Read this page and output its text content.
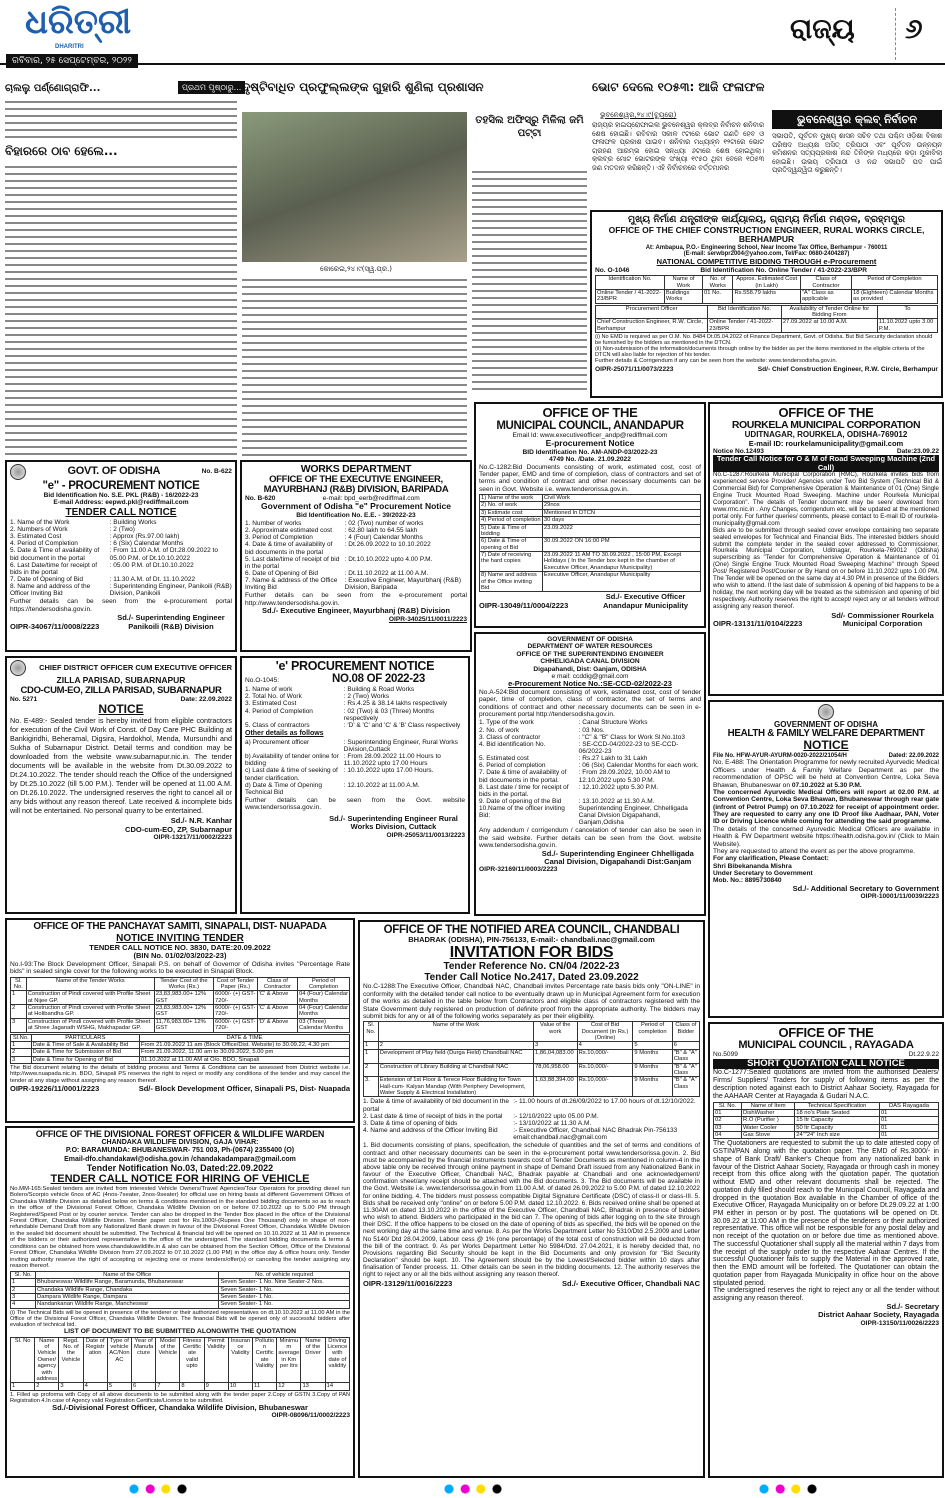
ଧରିତ୍ରୀ
DHARITRI
ରବିବାର, ୨୫ ସେପ୍ଟେମ୍ବର, ୨୦୨୨
ରାଜ୍ୟ ୬
ଚାଲଲୁ ପର୍ଣ୍ଣୋଗ୍ରାଫି...	ପ୍ରଥମ ପୃଷ୍ଠାରୁ...
ବିହାରରେ ଠାବ ହେଲେ...
ଦୃଷ୍ଟିବାଧିତ ପ୍ରଫୁଲ୍ଲଙ୍କ ଗୁହାରି ଶୁଣିଲା ପ୍ରଶାସନ	ଭୋଟ ଦେଲେ ୧୦୫୩: ଆଜି ଫଳାଫଳ
ତହସିଲ ଅଫିସ୍‌ରୁ ମିଳିଲା ଜମି ପଟ୍ଟା
କୋରେଇ,୨୪।୯(ସ୍ୱ.ପ୍ର.)
ଭୁବନେଶ୍ୱର,୨୪।୯(ବ୍ୟୁରୋ)
ରାଜ୍ୟର ହାଇପ୍ରୋଫାଇଲ ଭୁବନେଶ୍ୱର କ୍ଲବ୍‌ର ନିର୍ବାଚନ ଶନିବାର ଶେଷ ହୋଇଛି। ରବିବାର ସକାଳ ୯ଟାରେ ଭୋଟ ଗଣତି ହେବ ଓ ଫଳାଫଳ ପ୍ରକାଶ ପାଇବ। ଶନିବାର ମଧ୍ୟାହ୍ନ ୧୨ଟାରେ ଭୋଟ ଗ୍ରହଣ ଆରମ୍ଭ ହୋଇ ସନ୍ଧ୍ୟା ୬ଟାରେ ଶେଷ ହୋଇଥିଲା। କ୍ଲବ୍‌ର ମୋଟ ଭୋଟରଙ୍କ ସଂଖ୍ୟା ୧୯୫୦ ଥିବା ବେଳେ ୧୦୫୩ ଜଣ ମତଦାନ କରିଛନ୍ତି। ଏହି ନିର୍ବାଚନରେ ବର୍ତ୍ତମାନର
ଭୁବନେଶ୍ୱର କ୍ଲବ୍ ନିର୍ବାଚନ
ସଭାପତି, ପୂର୍ବତନ ମୁଖ୍ୟ ଶାସନ ସଚିବ ତଥା ପଶ୍ଚିମ ଓଡ଼ିଶା ବିକାଶ ପରିଷଦ ଅଧ୍ୟକ୍ଷ ଅସିତ୍ ତ୍ରିପାଠୀ ଏବଂ ପୂର୍ବତନ ଉନ୍ନୟନ କମିଶନର ସତ୍ୟପ୍ରକାଶ ନନ୍ଦ ତିନିଙ୍କ ମଧ୍ୟରେ କଡ଼ା ମୁକାବିଲା ହୋଇଛି। ଉଭୟ ତ୍ରିପାଠୀ ଓ ନନ୍ଦ ସଭାପତି ପଦ ପାଇଁ ପ୍ରତିଦ୍ୱନ୍ଦ୍ୱିତା କରୁଛନ୍ତି।
ମୁଖ୍ୟ ନିର୍ମାଣ ଯନ୍ତ୍ରୀଙ୍କ କାର୍ଯ୍ୟାଳୟ, ଗ୍ରାମ୍ୟ ନିର୍ମାଣ ମଣ୍ଡଳ, ବ୍ରହ୍ମପୁର
OFFICE OF THE CHIEF CONSTRUCTION ENGINEER, RURAL WORKS CIRCLE, BERHAMPUR
At: Ambapua, P.O.- Engineering School, Near Income Tax Office, Berhampur - 760011
(E-mail: serwbpr2004@yahoo.com, Tel/Fax: 0680-2404287)
NATIONAL COMPETITIVE BIDDING THROUGH e-Procurement
No. O-1046	Bid Identification No. Online Tender / 41-2022-23/BPR
Identification No.	Name of Work	No. of Works	Approx. Estimated Cost (in Lakh)	Class of Contractor	Period of Completion
Online Tender / 41-2022-23/BPR	Buildings Works	01 No.	Rs.558.79 lakhs	"A" Class as applicable	18 (Eighteen) Calendar Months as provided
Procurement Officer	Bid Identification No.	Availability of Tender Online for Bidding From	To
Chief Construction Engineer, R.W. Circle, Berhampur	Online Tender / 41-2022-23/BPR	27.09.2022 at 10.00 A.M.	11.10.2022 upto 3.00 P.M.
(i) No EMD is required as per O.M. No. 8484 Dt.05.04.2022 of Finance Department, Govt. of Odisha. But Bid Security declaration should be furnished by the bidders as mentioned in the DTCN.
(ii) Non-submission of the information/documents through online by the bidder as per the items mentioned in the eligible criteria of the DTCN will also liable for rejection of his tender.
Further details & Corrigendum if any can be seen from the website: www.tendersodisha.gov.in.
OIPR-25071/11/0073/2223	Sd/- Chief Construction Engineer, R.W. Circle, Berhampur
OFFICE OF THE
MUNICIPAL COUNCIL, ANANDAPUR
Email Id: www.executiveofficer_andp@rediffmail.com
E-procurement Notice
BID Identification No. AM-ANDP-03/2022-23
4749 No. /Date. 21.09.2022
No.C-1282:Bid Documents consisting of work, estimated cost, cost of Tender paper, EMD and time of completion, class of contractors and set of terms and condition of contract and other necessary documents can be seen in Govt. Website i.e. www.tenderorissa.gov.in.
1) Name of the work	Civil Work
2) No. of work	29nos
3) Estimate cost	Mentioned In DTCN
4) Period of completion	30 days
5) Date & Time of bidding	23.09.2022
6) Date & Time of opening of Bid	30.09.2022 ON 16:00 PM
7) Date of receiving the hard copies	23.09.2022 11 AM TO 30.09.2022 , 15:00 PM, Except Holidays ( In the Tender box kept in the chamber of Executive Officer, Anandapur Municipality)
8) Name and address of the Office inviting Bid	Executive Officer, Anandapur Municipality
OIPR-13049/11/0004/2223
Sd./- Executive Officer Anandapur Municipality
OFFICE OF THE
ROURKELA MUNICIPAL CORPORATION
UDITNAGAR, ROURKELA, ODISHA-769012
E-mail ID: rourkelamunicipality@gmail.com
Notice No.12493	Date:23.09.22
Tender Call Notice for O & M of Road Sweeping Machine (2nd Call)
No.C-1287:Rourkela Municipal Corporation (RMC), Rourkela invites bids from experienced service Provider/ Agencies under Two Bid System (Technical Bid & Commercial Bid) for Comprehensive Operation & Maintenance of 01 (One) Single Engine Truck Mounted Road Sweeping. Machine under Rourkela Municipal Corporation". The details of Tender document may be seen/ download from www.rmc.nic.in . Any Changes, corrigendum etc. will be updated at the mentioned portal only. For further queries/ comments, please contact to E-mail ID of rourkela-municipality@gmail.com
Bids are to be submitted through sealed cover envelope containing two separate sealed envelopes for Technical and Financial Bids. The interested bidders should submit the complete tender in the sealed cover addressed to Commissioner, Rourkela Municipal Corporation, Uditnagar, Rourkela-769012 (Odisha) superscribing as "Tender for Comprehensive Operation & Maintenance of 01 (One) Single Engine Truck Mounted Road Sweeping Machine" through Speed Post/ Registered Post/Courier or By Hand on or before 11.10.2022 upto 1.00 PM. The Tender will be opened on the same day at 4.30 PM in presence of the Bidders who wish to attend. If the last date of submission & opening of bid happens to be a holiday, the next working day will be treated as the submission and opening of bid respectively. Authority reserves the right to accept/ reject any or all tenders without assigning any reason thereof.
OIPR-13131/11/0104/2223
Sd/- Commissioner Rourkela Municipal Corporation
GOVT. OF ODISHA	No. B-622
"e" - PROCUREMENT NOTICE
Bid Identification No. S.E. PKL (R&B) - 16/2022-23
E-mail Address: eepwd.pkl@rediffmail.com
TENDER CALL NOTICE
1. Name of the Work	: Building Works
2. Numbers of Work	: 2 (Two)
3. Estimated Cost	: Approx (Rs.97.00 lakh)
4. Period of Completion	: 6 (Six) Calendar Months
5. Date & Time of availability of bid document in the portal
: From 11.00 A.M. of Dt.28.09.2022 to 05.00 P.M. of Dt.10.10.2022
6. Last Date/time for receipt of bids in the portal
: 05.00 P.M. of Dt.10.10.2022
7. Date of Opening of Bid	: 11.30 A.M. of Dt. 11.10.2022
8. Name and address of the Officer Inviting Bid
: Superintending Engineer, Panikoili (R&B) Division, Panikoili
Further details can be seen from the e-procurement portal https://tendersodisha.gov.in.
OIPR-34067/11/0008/2223
Sd./- Superintending Engineer Panikoili (R&B) Division
WORKS DEPARTMENT
OFFICE OF THE EXECUTIVE ENGINEER, MAYURBHANJ (R&B) DIVISION, BARIPADA
No. B-620	e-mail: bpd_eerb@rediffmail.com
Government of Odisha "e" Procurement Notice
Bid Identification No. E.E. - 39/2022-23
1. Number of works	: 02 (Two) number of works
2. Approximate estimated cost	: 62.80 lakh to 64.55 lakh
3. Period of Completion	: 4 (Four) Calendar Months
4. Date & time of availability of bid documents in the portal
: Dt.26.09.2022 to 10.10.2022
5. Last date/time of receipt of bid in the portal
: Dt.10.10.2022 upto 4.00 P.M.
6. Date of Opening of Bid	: Dt.11.10.2022 at 11.00 A.M.
7. Name & address of the Office Inviting Bid
: Executive Engineer, Mayurbhanj (R&B) Division, Baripada
Further details can be seen from the e-procurement portal http://www.tendersodisha.gov.in.
Sd./- Executive Engineer, Mayurbhanj (R&B) Division
OIPR-34025/11/0011/2223
CHIEF DISTRICT OFFICER CUM EXECUTIVE OFFICER
ZILLA PARISAD, SUBARNAPUR
CDO-CUM-EO, ZILLA PARISAD, SUBARNAPUR
No. 5271	Date: 22.09.2022
NOTICE
No. E-489:- Sealed tender is hereby invited from eligible contractors for execution of the Civil Work of Const. of Day Care PHC Building at Bankigiridhi, Beheramal, Digsira, Hardokhol, Menda, Mursundhi and Sukha of Subarnapur District. Detail terms and condition may be downloaded from the website www.subarnapur.nic.in. The tender documents will be available in the website from Dt.30.09.2022 to Dt.24.10.2022. The tender should reach the Office of the undersigned by Dt.25.10.2022 (till 5.00 P.M.). Tender will be opened at 11.00 A.M. on Dt.26.10.2022. The undersigned reserves the right to cancel all or any bids without any reason thereof. Late received & incomplete bids will not be entertained. No personal quarry to be entertained.
Sd./- N.R. Kanhar
CDO-cum-EO, ZP, Subarnapur
OIPR-13217/11/0002/2223
'e' PROCUREMENT NOTICE
No.O-1045:	NO.08 OF 2022-23
1. Name of work	: Building & Road Works
2. Total No. of Work	: 2 (Two) Works
3. Estimated Cost	: Rs.4.25 & 38.14 lakhs respectively
4. Period of Completion	: 02 (Two) & 03 (Three) Months respectively
5. Class of contractors	: 'D' & 'C' and 'C' & 'B' Class respectively
Other details as follows
a) Procurement officer	: Superintending Engineer, Rural Works Division,Cuttack
b) Availability of tender online for bidding
: From 28.09.2022 11.00 Hours to 11.10.2022 upto 17.00 Hours
c) Last date & time of seeking of tender clarification.
: 10.10.2022 upto 17.00 Hours.
d) Date & Time of Opening Technical Bid
: 12.10.2022 at 11.00 A.M.
Further details can be seen from the Govt. website www.tendersorissa.gov.in.
Sd./- Superintending Engineer Rural Works Division, Cuttack
OIPR-25053/11/0013/2223
GOVERNMENT OF ODISHA
DEPARTMENT OF WATER RESOURCES
OFFICE OF THE SUPERINTENDING ENGINEER
CHHELIGADA CANAL DIVISION
Digapahandi, Dist: Ganjam, ODISHA
e mail: ccddig@gmail.com
e-Procurement Notice No.:SE-CCD-02/2022-23
No.A-524:Bid document consisting of work, estimated cost, cost of tender paper, time of completion, class of contractor, the set of terms and conditions of contract and other necessary documents can be seen in e-procurement portal http://tendersodisha.gov.in.
1. Type of the work	: Canal Structure Works
2. No. of work	: 03 Nos.
3. Class of contractor	: "C" & "B" Class for Work Sl.No.1to3
4. Bid identification No.	: SE-CCD-04/2022-23 to SE-CCD-06/2022-23
5. Estimated cost	: Rs.27 Lakh to 31 Lakh
6. Period of completion	: 06 (Six) Calendar Months for each work.
7. Date & time of availability of bid documents in the portal.
: From 28.09.2022, 10.00 AM to 12.10.2022 upto 5.30 P.M.
8. Last date / time for receipt of bids in the portal.
: 12.10.2022 upto 5.30 P.M.
9. Date of opening of the Bid	: 13.10.2022 at 11.30 A.M.
10.Name of the officer inviting Bid:
Superintending Engineer, Chhelligada Canal Division Digapahandi, Ganjam,Odisha
Any addendum / corrigendum / cancelation of tender can also be seen in the said website. Further details can be seen from the Govt. website www.tendersodisha.gov.in.
Sd./- Superintending Engineer Chhelligada Canal Division, Digapahandi Dist:Ganjam
OIPR-32169/11/0003/2223
GOVERNMENT OF ODISHA
HEALTH & FAMILY WELFARE DEPARTMENT
NOTICE
File No. HFW-AYUR-AYURM-0020-2022/21054/H	Dated: 22.09.2022
No. E-488: The Orientation Programme for newly recruited Ayurvedic Medical Officers under Health & Family Welfare Department as per the recommendation of OPSC will be held at Convention Centre, Loka Seva Bhawan, Bhubaneswar on 07.10.2022 at 5.30 P.M.
The concerned Ayurvedic Medical Officers will report at 02.00 P.M. at Convention Centre, Loka Seva Bhawan, Bhubaneswar through rear gate (infront of Petrol Pump) on 07.10.2022 for receipt of appointment order. They are requested to carry any one ID Proof like Aadhaar, PAN, Voter ID or Driving Licence while coming for attending the said programme.
The details of the concerned Ayurvedic Medical Officers are available in Health & FW Department website https://health.odisha.gov.in/ (Click to Main Website).
They are requested to attend the event as per the above programme.
For any clarification, Please Contact:
Shri Bibekananda Mishra
Under Secretary to Government
Mob. No.: 8895730840
Sd./- Additional Secretary to Government
OIPR-10001/11/0039/2223
OFFICE OF THE PANCHAYAT SAMITI, SINAPALI, DIST- NUAPADA
NOTICE INVITING TENDER
TENDER CALL NOTICE NO. 3830, DATE:20.09.2022
(BIN No. 01/02/03/2022-23)
No.I-93:The Block Development Officer, Sinapali P.S. on behalf of Governor of Odisha invites "Percentage Rate bids" in sealed single cover for the following works to be executed in Sinapali Block.
Sl. No.	Name of the Tender Works	Tender Cost of the Works (Rs.)	Cost of Tender Paper (Rs.)	Class of Contractor	Period of Completion
1	Construction of Pindi covered with Profile Sheet at Nijee GP.	23,83,983.00+ 12% GST	6000/- (+) GST- 720/-	'C' & Above	04 (Four) Calendar Months
2	Construction of Pindi covered with Profile Sheet at Holibandha GP.	23,83,983.00+ 12% GST	6000/- (+) GST- 720/-	'C' & Above	04 (Four) Calendar Months
3	Construction of Pindi covered with Profile Sheet at Shree Jaganath WSHG, Makhapadar GP.	11,76,983.00+ 12% GST	6000/- (+) GST- 720/-	'D' & Above	03 (Three) Calendar Months
Sl.No.	PARTICULARS	DATE & TIME
1	Date & Time of Sale & Availability Bid	From 21.09.2022 11 am (Block Office/Dist. Website) to 30.09.22, 4.30 pm
2	Date & Time for Submission of Bid	From 21.09.2022, 11.00 am to 30.09.2022, 5.00 pm
3	Date & Time for Opening of Bid	01.10.2022 at 11.00 AM at O/o. BDO, Sinapali
The Bid document relating to the details of bidding process and Terms & Conditions can be assessed from District website i.e. http://www.nuapada.nic.in. BDO, Sinapali PS reserves the right to reject or modify any conditions of the tender and may cancel the tender at any stage without assigning any reason thereof.
OIPR-19226/11/0001/2223	Sd/- Block Development Officer, Sinapali PS, Dist- Nuapada
OFFICE OF THE DIVISIONAL FOREST OFFICER & WILDLIFE WARDEN
CHANDAKA WILDLIFE DIVISION, GAJA VIHAR:
P.O: BARAMUNDA: BHUBANESWAR- 751 003, Ph-(0674) 2355400 (O)
Email-dfo.chandakawl@odisha.gov.in /chandakadampara@gmail.com
Tender Notification No.03, Dated:22.09.2022
TENDER CALL NOTICE FOR HIRING OF VEHICLE
No.MM-165:Sealed tenders are invited from interested Vehicle Owners/Travel Agencies/Tour Operators for providing diesel run Bolero/Scorpio vehicle 6nos of AC (4nos-7seater, 2nos-9seater) for official use on hiring basis at different Government Offices of Chandaka Wildlife Division as detailed below on terms & conditions mentioned in the standard bidding documents so as to reach in the office of the Divisional Forest Officer, Chandaka Wildlife Division on or before 07.10.2022 up to 5.00 PM through Registered/Speed Post or by courier service. Tender can also be dropped in the Tender Box placed in the office of the Divisional Forest Officer, Chandaka Wildlife Division. Tender paper cost for Rs.1000/-(Rupees One Thousand) only in shape of non-refundable Demand Draft from any Nationalized Bank drawn in favour of the Divisional Forest Officer, Chandaka Wildlife Division in the sealed bid document should be submitted. The Technical & financial bid will be opened on 10.10.2022 at 11 AM in presence of the bidders or their authorized representative in the office of the undersigned. The standard bidding documents & terms & conditions can be obtained from www.chandakawildlife.in & also can be obtained from the Section Officer, Office of the Divisional Forest Officer, Chandaka Wildlife Division from 27.09.2022 to 07.10.2022 (1.00 PM) in the office day & office hours only. Tender inviting authority reserve the right of accepting or rejecting one or more tenders/offer(s) or canceling the tender assigning any reason thereof.
Sl. No.	Name of the Office	No. of vehicle required
1	Bhubaneswar Wildlife Range, Baramunda, Bhubaneswar	Seven Seater- 1 No. Nine Seater-2 Nos.
2	Chandaka Wildlife Range, Chandaka	Seven Seater- 1 No.
3	Dampara Wildlife Range, Dampara	Seven Seater- 1 No.
4	Nandankanan Wildlife Range, Mancheswar	Seven Seater- 1 No.
(i) The Technical Bids will be opened in presence of the tenderer or their authorized representatives on dt.10.10.2022 at 11.00 AM in the Office of the Divisional Forest Officer, Chandaka Wildlife Division. The financial Bids will be opened only of successful bidders after evaluation of technical bid.
LIST OF DOCUMENT TO BE SUBMITTED ALONGWITH THE QUOTATION
Sl. No	Name of Vehicle Owner/agency with address	Regd. No. of the Vehicle	Date of Registration	Type of vehicle AC/Non AC	Year of Manufacture	Model of the Vehicle	Fitness Certificate valid upto	Permit Validity	Insurance Validity	Pollution Certificate Validity	Minimum average in Km per ltrs	Name of the Driver	Driving Licence with date of validity
1	2	3	4	5	6	7	8	9	10	11	12	13	14
1. Filled up proforma with Copy of all above documents to be submitted along with the tender paper 2.Copy of GSTN 3.Copy of PAN Registration 4.In case of Agency valid Registration Certificate/Licence to be submitted.
Sd./-Divisional Forest Officer, Chandaka Wildlife Division, Bhubaneswar
OIPR-08096/11/0002/2223
OFFICE OF THE NOTIFIED AREA COUNCIL, CHANDBALI
BHADRAK (ODISHA), PIN-756133, E-mail:- chandbali.nac@gmail.com
INVITATION FOR BIDS
Tender Reference No. CN/04 /2022-23
Tender Call Notice No.2417, Dated 23.09.2022
No.C-1288:The Executive Officer, Chandbali NAC, Chandbali invites Percentage rate basis bids only "ON-LINE" in conformity with the detailed tender call notice to be eventually drawn up in Municipal Agreement form for execution of the works as detailed in the table below from Contractors and eligible class of contractors registered with the State Government duly registered on production of definite proof from the appropriate authority. The bidders may submit bids for any or all of the following works separately as per their eligibility.
Sl. No.	Name of the Work	Value of the work	Cost of Bid Document (in Rs.) (Online)	Period of completion	Class of Bidder
1	2	3	4	5	6
1	Development of Play field (Durga Field) Chandbali NAC	1,86,04,083.00	Rs.10,000/-	9 Months	"B" & "A" Class
2	Construction of Library Building at Chandbali NAC	78,06,958.00	Rs.10,000/-	9 Months	"B" & "A" Class
3.	Extension of 1st Floor & Terece Floor Building for Town Hall-cum- Kalyan Mandap (With Periphery Development, Water Supply & Electrical Installation)	1,63,88,394.00	Rs.10,000/-	9 Months	"B" & "A" Class
1. Date & time of availability of bid document in the portal
:- 11.00 hours of dt.26/09/2022 to 17.00 hours of dt.12/10/2022.
2. Last date & time of receipt of bids in the portal	:- 12/10/2022 upto 05.00 P.M.
3. Date & time of opening of bids	:- 13/10/2022 at 11.30 A.M.
4. Name and address of the Officer Inviting Bid	:- Executive Officer, Chandbali NAC Bhadrak Pin-756133 email:chandbali.nac@gmail.com
1. Bid documents consisting of plans, specification, the schedule of quantities and the set of terms and conditions of contract and other necessary documents can be seen in the e-procurement portal www.tendersorissa.gov.in. 2. Bid must be accompanied by the financial instruments towards cost of Tender Documents as mentioned in column-4 in the above table only be received through online payment in shape of Demand Draft issued from any Nationalized Bank in favour of the Executive Officer, Chandbali NAC, Bhadrak payable at Chandbali and one acknowledgement/ confirmation sheet/any receipt should be attached with the Bid documents. 3. The Bid documents will be available in the Govt. Website i.e. www.tendersorissa.gov.in from 11.00 A.M. of dated 26.09.2022 to 5.00 P.M. of dated 12.10.2022 for online bidding. 4. The bidders must possess compatible Digital Signature Certificate (DSC) of class-II or class-III. 5. Bids shall be received only "online" on or before 5.00 P.M. dated 12.10.2022. 6. Bids received online shall be opened at 11.30AM on dated 13.10.2022 in the office of the Executive Officer, Chandbali NAC, Bhadrak in presence of bidders who wish to attend. Bidders who participated in the bid can 7. The opening of bids after logging on to the site through their DSC. If the office happens to be closed on the date of opening of bids as specified, the bids will be opened on the next working day at the same time and venue. 8. As per the Works Department Letter No 5310/Dtd 2.5.2009 and Letter No 5140/ Dtd 28.04.2009, Labour cess @ 1% (one percentage) of the total cost of construction will be deducted from the bill of the contract. 9. As per Works Department Letter No 5984/Dtd. 27.04.2021, it is hereby decided that, no Provisions regarding Bid Security should be kept in the Bid Documents and only provision for "Bid Security Declaration" should be kept. 10. The Agreement should be by the Lowest/Selected bidder within 10 days after finalisation of Tender process. 11. Other details can be seen in the bidding documents. 12. The authority reserves the right to reject any or all the bids without assigning any reason thereof.
OIPR-13129/11/0016/2223	Sd./- Executive Officer, Chandbali NAC
OFFICE OF THE
MUNICIPAL COUNCIL , RAYAGADA
No.5099	Dt.22.9.22
SHORT QUOTATION CALL NOTICE
No.C-1277:Sealed quotations are invited from the authorised Dealers/ Firms/ Suppliers/ Traders for supply of following items as per the description noted against each to District Aahaar Society, Rayagada for the AAHAAR Center at Rayagada & Gudari N.A.C.
Sl. No.	Name of Item	Technical Specification	DAS Rayagada
01	DishWasher	18 no's Plate Seated	01
02	R.O (Purifier )	15 ltr Capacity	01
03	Water Cooler	50 ltr Capacity	01
04	Gas Stove	24""24" Inch size	01
The Quotationers are requested to submit the up to date attested copy of GSTIN/PAN along with the quotation paper. The EMD of Rs.3000/- in shape of Bank Draft/ Banker's Cheque from any nationalized bank in favour of the District Aahaar Society, Rayagada or through cash in money receipt from this office along with the quotation paper. The quotation without EMD and other relevant documents shall be rejected. The quotation duly filled should reach to the Municipal Council, Rayagada and dropped in the quotation Box available in the Chamber of office of the Executive Officer, Rayagada Municipality on or before Dt.29.09.22 at 1:00 PM either in person or by post. The quotations will be opened on Dt. 30.09.22 at 11:00 AM in the presence of the tenderers or their authorized representative. This office will not be responsible for any postal delay and non receipt of the quotation on or before due time as mentioned above. The successful Quotationer shall supply all the material within 7 days from the receipt of the supply order to the respective Aahaar Centres. If the successful Quotationer fails to supply the Material in the approved rate, then the EMD amount will be forfeited. The Quotationer can obtain the quotation paper from Rayagada Municipality in office hour on the above stipulated period.
The undersigned reserves the right to reject any or all the tender without assigning any reason thereof.
Sd./- Secretary
District Aahaar Society, Rayagada
OIPR-13150/11/0026/2223
